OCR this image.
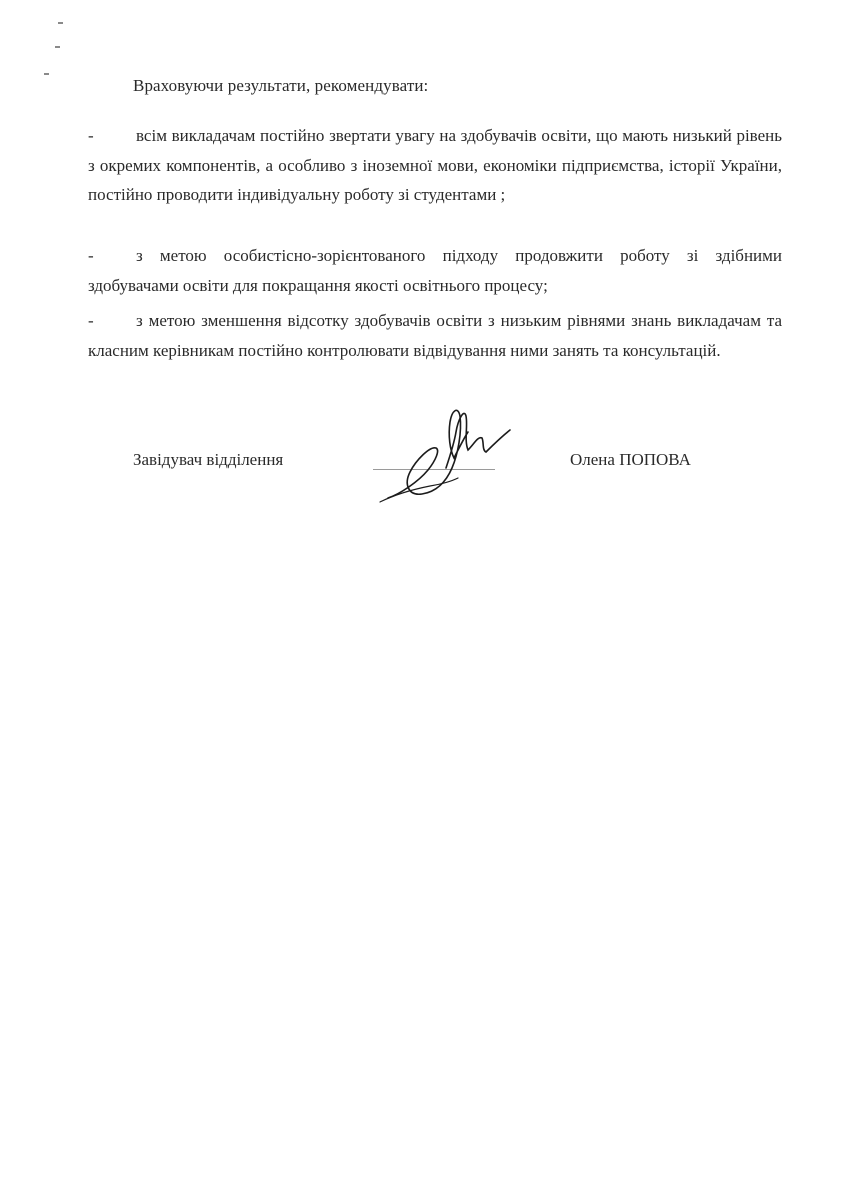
Враховуючи результати, рекомендувати:
- всім викладачам постійно звертати увагу на здобувачів освіти, що мають низький рівень з окремих компонентів, а особливо з іноземної мови, економіки підприємства, історії України, постійно проводити індивідуальну роботу зі студентами ;
- з метою особистісно-зорієнтованого підходу продовжити роботу зі здібними здобувачами освіти для покращання якості освітнього процесу;
- з метою зменшення відсотку здобувачів освіти з низьким рівнями знань викладачам та класним керівникам постійно контролювати відвідування ними занять та консультацій.
Завідувач відділення	Олена ПОПОВА
